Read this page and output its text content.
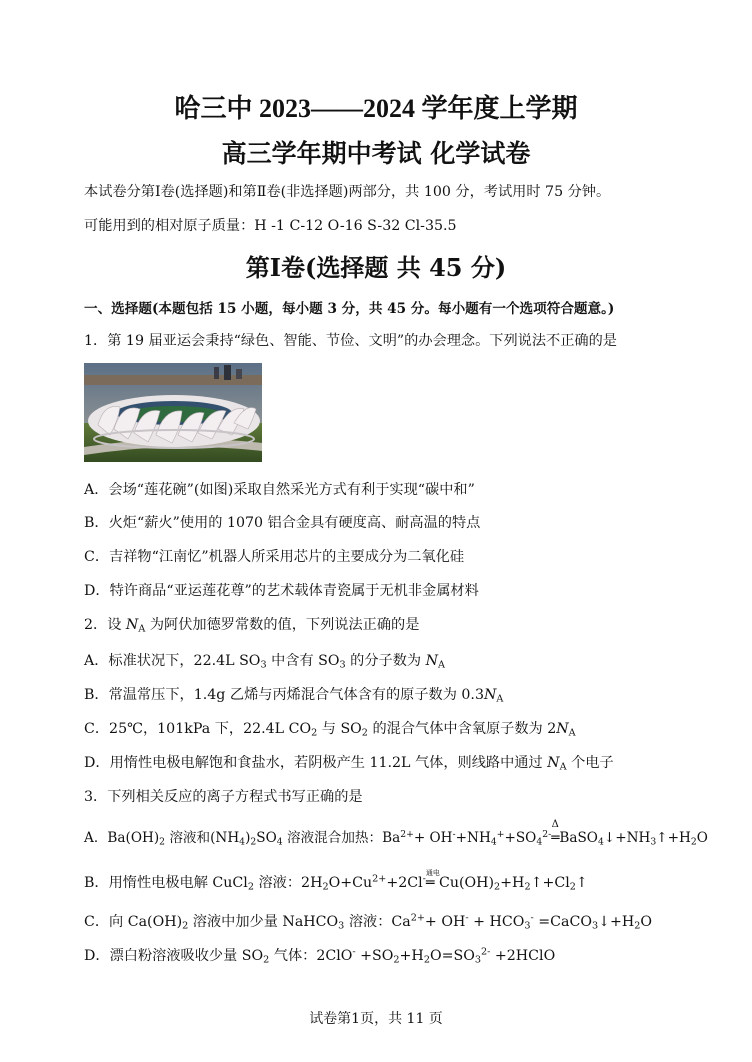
哈三中 2023——2024 学年度上学期
高三学年期中考试 化学试卷
本试卷分第Ⅰ卷(选择题)和第Ⅱ卷(非选择题)两部分，共 100 分，考试用时 75 分钟。
可能用到的相对原子质量：H -1 C-12 O-16 S-32 Cl-35.5
第Ⅰ卷(选择题 共 45 分)
一、选择题(本题包括 15 小题，每小题 3 分，共 45 分。每小题有一个选项符合题意。)
1．第 19 届亚运会秉持“绿色、智能、节俭、文明”的办会理念。下列说法不正确的是
A．会场“莲花碗”(如图)采取自然采光方式有利于实现“碳中和”
B．火炬“薪火”使用的 1070 铝合金具有硬度高、耐高温的特点
C．吉祥物“江南忆”机器人所采用芯片的主要成分为二氧化硅
D．特许商品“亚运莲花尊”的艺术载体青瓷属于无机非金属材料
2．设 $N_A$ 为阿伏加德罗常数的值，下列说法正确的是
A．标准状况下，22.4L $SO_3$ 中含有 $SO_3$ 的分子数为 $N_A$
B．常温常压下，1.4g 乙烯与丙烯混合气体含有的原子数为 $0.3N_A$
C．25℃，101kPa 下，22.4L $CO_2$ 与 $SO_2$ 的混合气体中含氧原子数为 $2N_A$
D．用惰性电极电解饱和食盐水，若阴极产生 11.2L 气体，则线路中通过 $N_A$ 个电子
3．下列相关反应的离子方程式书写正确的是
A．$Ba(OH)_2$ 溶液和$(NH_4)_2SO_4$ 溶液混合加热：$Ba^{2+}+ OH^-+NH_4^++SO_4^{2-}$
Δ
$═BaSO_4↓+NH_3↑+H_2O$
B．用惰性电极电解 CuCl$_2$ 溶液：$2H_2O+Cu^{2+}+2Cl^-$
通电
═ $Cu(OH)_2+H_2↑+Cl_2↑$
C．向 $Ca(OH)_2$ 溶液中加少量 NaHCO$_3$ 溶液：$Ca^{2+}+ OH^- + HCO_3^-$ $=CaCO_3↓+H_2O$
D．漂白粉溶液吸收少量 $SO_2$ 气体：$2ClO^- +SO_2+H_2O=SO_3^{2-}$ +2HClO
试卷第1页，共 11 页
